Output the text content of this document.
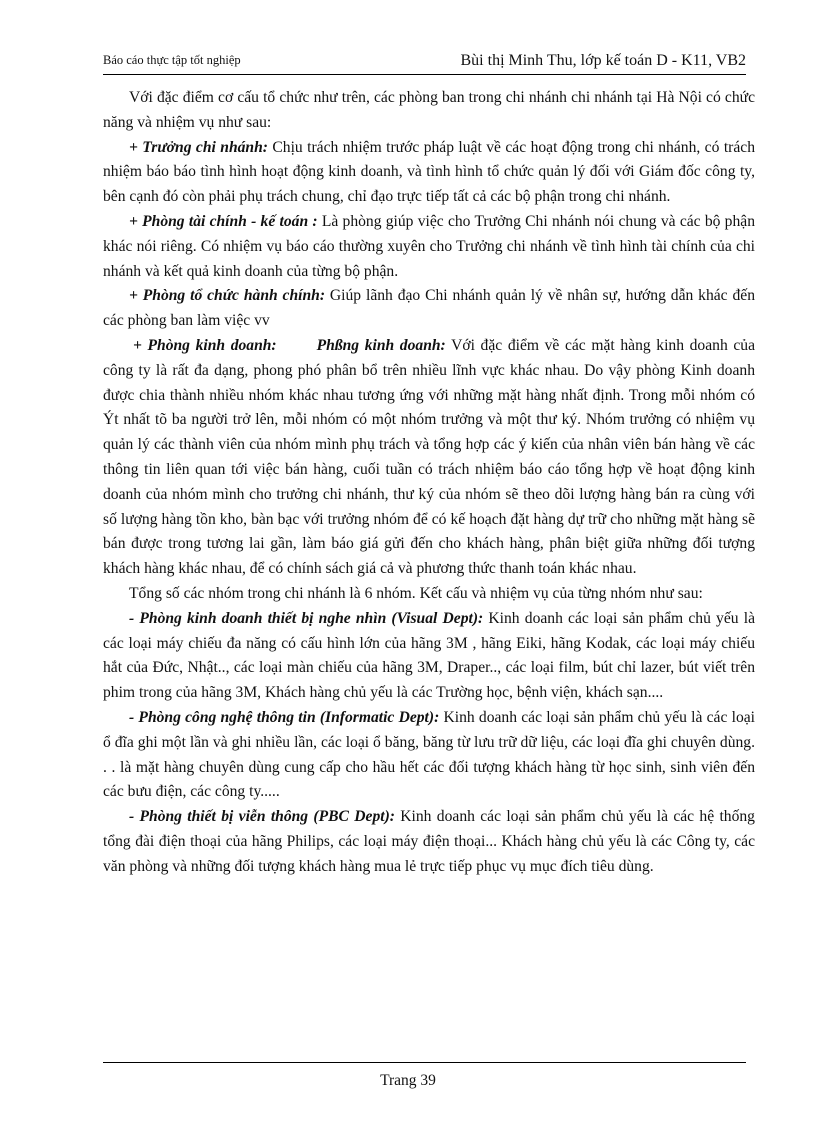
Báo cáo thực tập tốt nghiệp	Bùi thị Minh Thu, lớp kế toán D - K11, VB2

Với đặc điểm cơ cấu tổ chức như trên, các phòng ban trong chi nhánh chi nhánh tại Hà Nội có chức năng và nhiệm vụ như sau:

+ Trưởng chi nhánh: Chịu trách nhiệm trước pháp luật về các hoạt động trong chi nhánh, có trách nhiệm báo báo tình hình hoạt động kinh doanh, và tình hình tổ chức quản lý đối với Giám đốc công ty, bên cạnh đó còn phải phụ trách chung, chỉ đạo trực tiếp tất cả các bộ phận trong chi nhánh.

+ Phòng tài chính - kế toán : Là phòng giúp việc cho Trưởng Chi nhánh nói chung và các bộ phận khác nói riêng. Có nhiệm vụ báo cáo thường xuyên cho Trưởng chi nhánh về tình hình tài chính của chi nhánh và kết quả kinh doanh của từng bộ phận.

+ Phòng tổ chức hành chính: Giúp lãnh đạo Chi nhánh quản lý về nhân sự, hướng dẫn khác đến các phòng ban làm việc vv

+ Phòng kinh doanh:	Phßng kinh doanh: Với đặc điểm về các mặt hàng kinh doanh của công ty là rất đa dạng, phong phó phân bổ trên nhiều lĩnh vực khác nhau. Do vậy phòng Kinh doanh được chia thành nhiều nhóm khác nhau tương ứng với những mặt hàng nhất định. Trong mỗi nhóm có Ýt nhất tõ ba người trở lên, mỗi nhóm có một nhóm trưởng và một thư ký. Nhóm trưởng có nhiệm vụ quản lý các thành viên của nhóm mình phụ trách và tổng hợp các ý kiến của nhân viên bán hàng về các thông tin liên quan tới việc bán hàng, cuối tuần có trách nhiệm báo cáo tổng hợp về hoạt động kinh doanh của nhóm mình cho trưởng chi nhánh, thư ký của nhóm sẽ theo dõi lượng hàng bán ra cùng với số lượng hàng tồn kho, bàn bạc với trưởng nhóm để có kế hoạch đặt hàng dự trữ cho những mặt hàng sẽ bán được trong tương lai gần, làm báo giá gửi đến cho khách hàng, phân biệt giữa những đối tượng khách hàng khác nhau, để có chính sách giá cả và phương thức thanh toán khác nhau.

Tổng số các nhóm trong chi nhánh là 6 nhóm. Kết cấu và nhiệm vụ của từng nhóm như sau:

- Phòng kinh doanh thiết bị nghe nhìn (Visual Dept): Kinh doanh các loại sản phẩm chủ yếu là các loại máy chiếu đa năng có cấu hình lớn của hãng 3M , hãng Eiki, hãng Kodak, các loại máy chiếu hắt của Đức, Nhật.., các loại màn chiếu của hãng 3M, Draper.., các loại film, bút chỉ lazer, bút viết trên phim trong của hãng 3M, Khách hàng chủ yếu là các Trường học, bệnh viện, khách sạn....

- Phòng công nghệ thông tin (Informatic Dept): Kinh doanh các loại sản phẩm chủ yếu là các loại ổ đĩa ghi một lần và ghi nhiều lần, các loại ổ băng, băng từ lưu trữ dữ liệu, các loại đĩa ghi chuyên dùng. . . là mặt hàng chuyên dùng cung cấp cho hầu hết các đối tượng khách hàng từ học sinh, sinh viên đến các bưu điện, các công ty.....

- Phòng thiết bị viễn thông (PBC Dept): Kinh doanh các loại sản phẩm chủ yếu là các hệ thống tổng đài điện thoại của hãng Philips, các loại máy điện thoại... Khách hàng chủ yếu là các Công ty, các văn phòng và những đối tượng khách hàng mua lẻ trực tiếp phục vụ mục đích tiêu dùng.

Trang 39
